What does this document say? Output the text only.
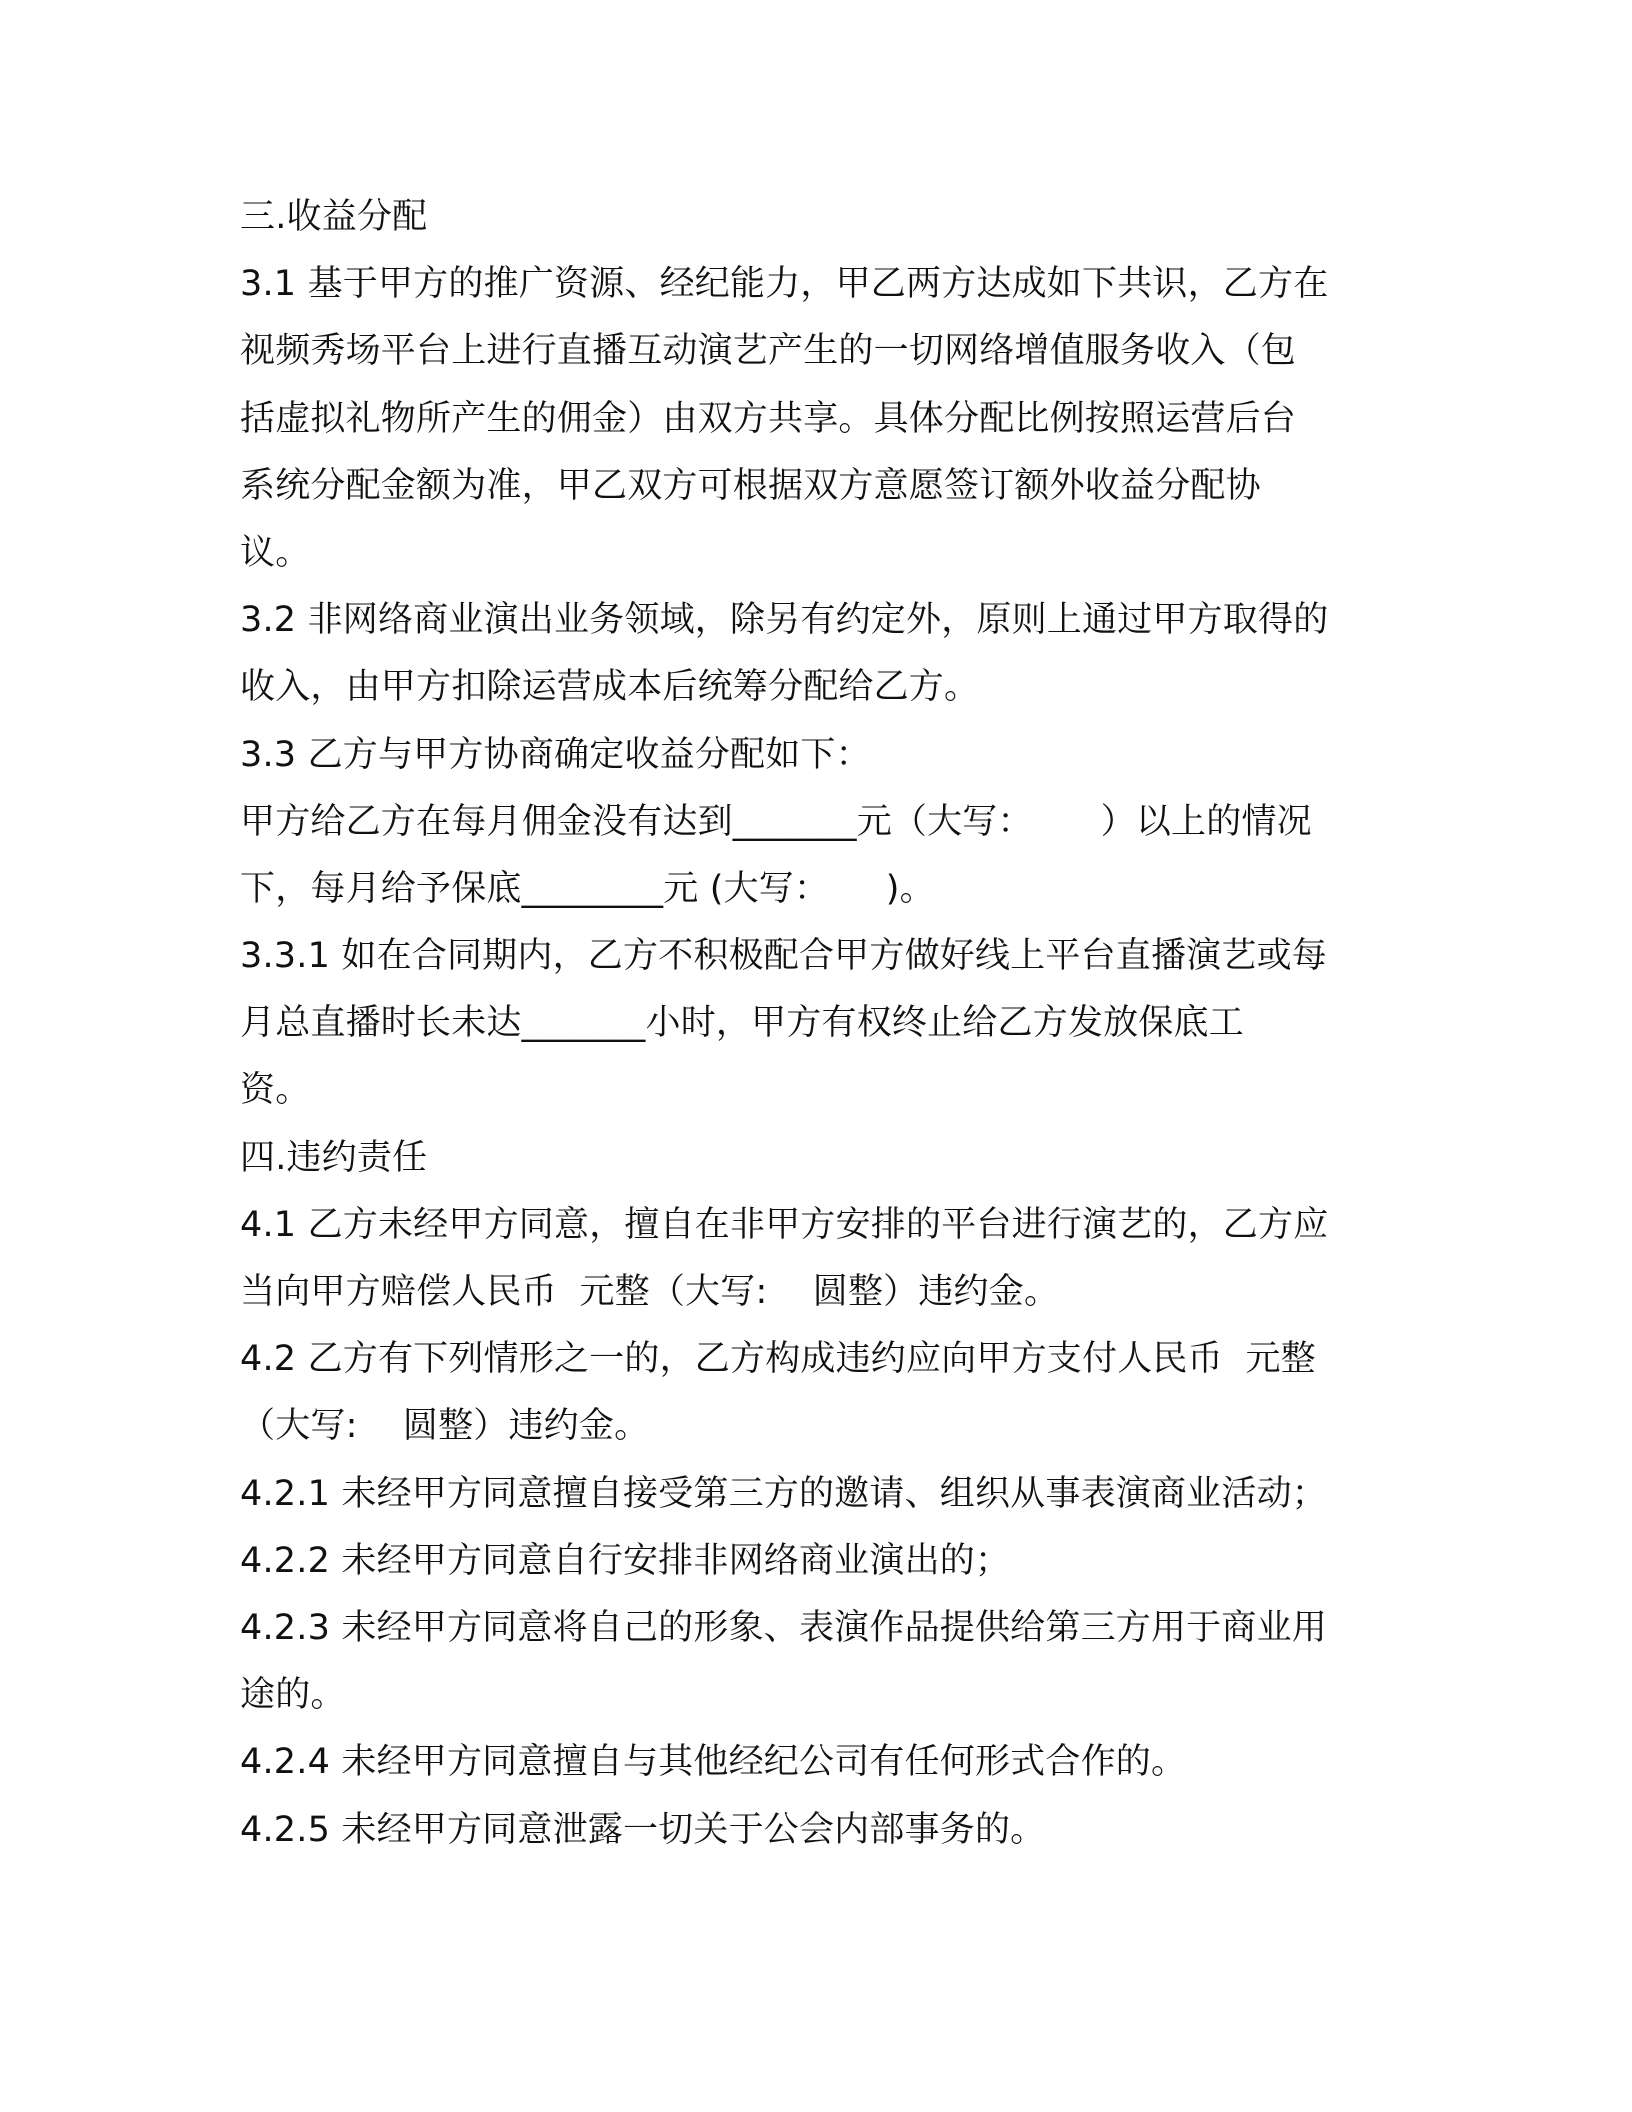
三.收益分配
3.1 基于甲方的推广资源、经纪能力，甲乙两方达成如下共识，乙方在
视频秀场平台上进行直播互动演艺产生的一切网络增值服务收入（包
括虚拟礼物所产生的佣金）由双方共享。具体分配比例按照运营后台
系统分配金额为准，甲乙双方可根据双方意愿签订额外收益分配协
议。
3.2 非网络商业演出业务领域，除另有约定外，原则上通过甲方取得的
收入，由甲方扣除运营成本后统筹分配给乙方。
3.3 乙方与甲方协商确定收益分配如下：
甲方给乙方在每月佣金没有达到_______元（大写：      ）以上的情况
下，每月给予保底________元 (大写：     )。
3.3.1 如在合同期内，乙方不积极配合甲方做好线上平台直播演艺或每
月总直播时长未达_______小时，甲方有权终止给乙方发放保底工
资。
四.违约责任
4.1 乙方未经甲方同意，擅自在非甲方安排的平台进行演艺的，乙方应
当向甲方赔偿人民币  元整（大写:    圆整）违约金。
4.2 乙方有下列情形之一的，乙方构成违约应向甲方支付人民币  元整
（大写:    圆整）违约金。
4.2.1 未经甲方同意擅自接受第三方的邀请、组织从事表演商业活动；
4.2.2 未经甲方同意自行安排非网络商业演出的；
4.2.3 未经甲方同意将自己的形象、表演作品提供给第三方用于商业用
途的。
4.2.4 未经甲方同意擅自与其他经纪公司有任何形式合作的。
4.2.5 未经甲方同意泄露一切关于公会内部事务的。
